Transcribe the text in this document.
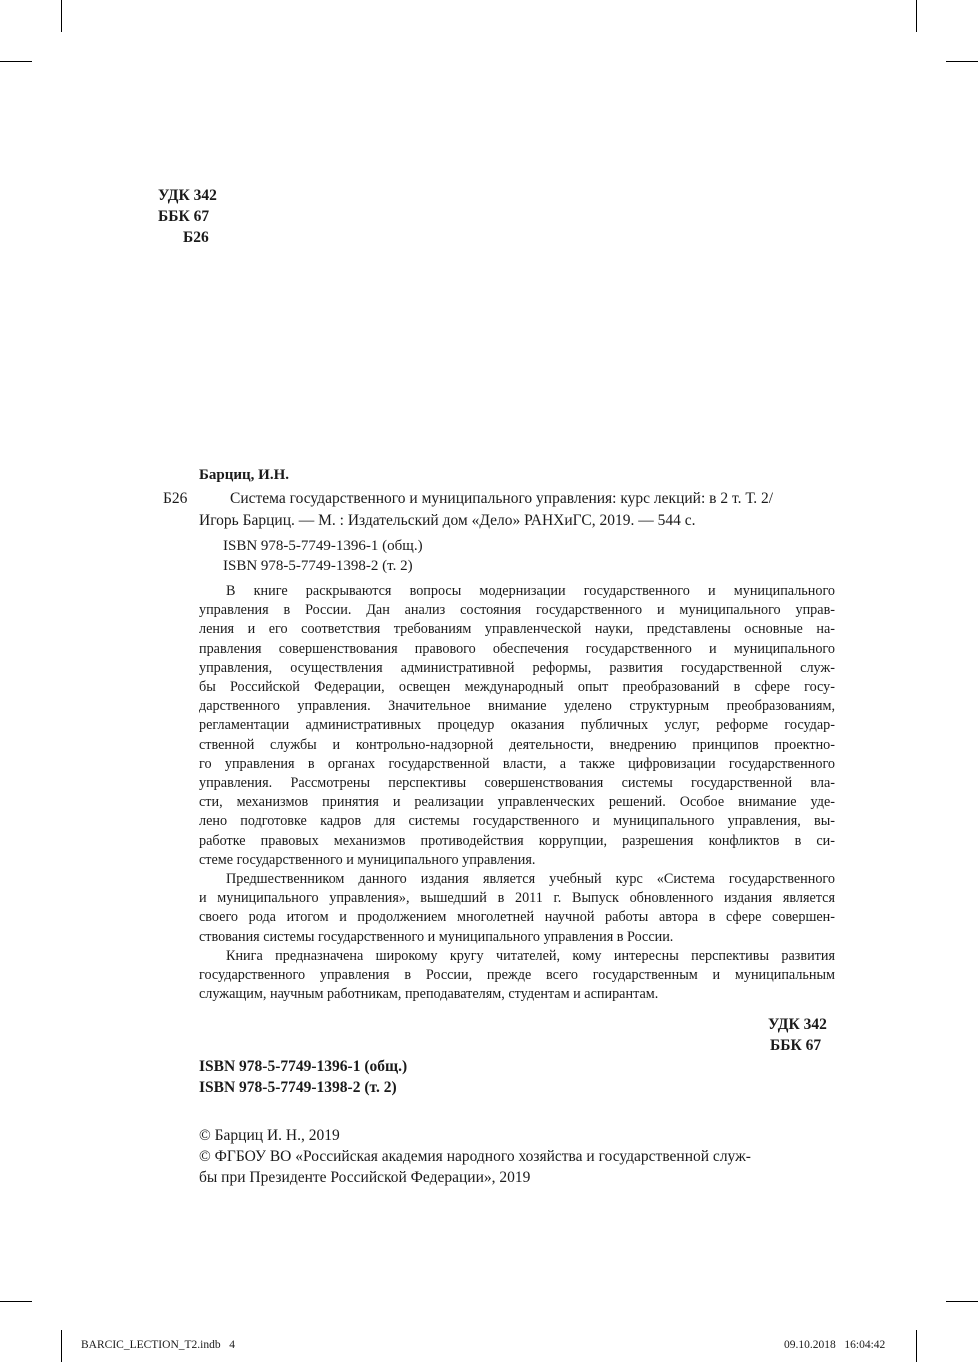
УДК 342
ББК 67
Б26
Барциц, И.Н.
Б26	Система государственного и муниципального управления: курс лекций: в 2 т. Т. 2/
Игорь Барциц. — М. : Издательский дом «Дело» РАНХиГС, 2019. — 544 с.
ISBN 978-5-7749-1396-1 (общ.)
ISBN 978-5-7749-1398-2 (т. 2)

В книге раскрываются вопросы модернизации государственного и муниципального
управления в России. Дан анализ состояния государственного и муниципального управ-
ления и его соответствия требованиям управленческой науки, представлены основные на-
правления совершенствования правового обеспечения государственного и муниципального
управления, осуществления административной реформы, развития государственной служ-
бы Российской Федерации, освещен международный опыт преобразований в сфере госу-
дарственного управления. Значительное внимание уделено структурным преобразованиям,
регламентации административных процедур оказания публичных услуг, реформе государ-
ственной службы и контрольно-надзорной деятельности, внедрению принципов проектно-
го управления в органах государственной власти, а также цифровизации государственного
управления. Рассмотрены перспективы совершенствования системы государственной вла-
сти, механизмов принятия и реализации управленческих решений. Особое внимание уде-
лено подготовке кадров для системы государственного и муниципального управления, вы-
работке правовых механизмов противодействия коррупции, разрешения конфликтов в си-
стеме государственного и муниципального управления.

Предшественником данного издания является учебный курс «Система государственного
и муниципального управления», вышедший в 2011 г. Выпуск обновленного издания является
своего рода итогом и продолжением многолетней научной работы автора в сфере совершен-
ствования системы государственного и муниципального управления в России.

Книга предназначена широкому кругу читателей, кому интересны перспективы развития
государственного управления в России, прежде всего государственным и муниципальным
служащим, научным работникам, преподавателям, студентам и аспирантам.

УДК 342
ББК 67
ISBN 978-5-7749-1396-1 (общ.)
ISBN 978-5-7749-1398-2 (т. 2)
© Барциц И. Н., 2019
© ФГБОУ ВО «Российская академия народного хозяйства и государственной служ-
бы при Президенте Российской Федерации», 2019
BARCIC_LECTION_T2.indb   4	09.10.2018   16:04:42
